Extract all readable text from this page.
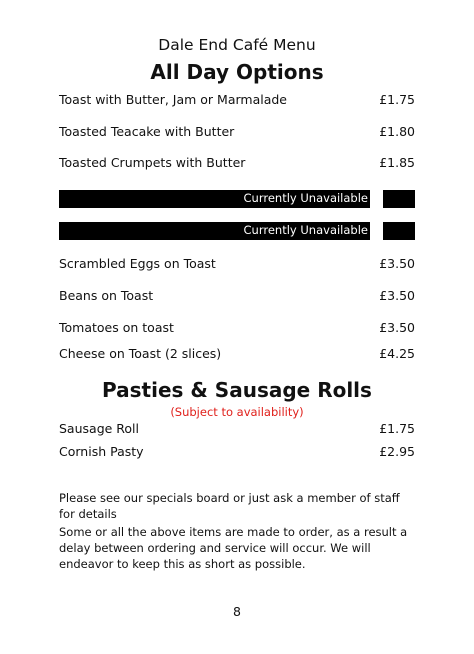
Dale End Café Menu
All Day Options
Toast with Butter, Jam or Marmalade	£1.75
Toasted Teacake with Butter	£1.80
Toasted Crumpets with Butter	£1.85
Currently Unavailable
Currently Unavailable
Scrambled Eggs on Toast	£3.50
Beans on Toast	£3.50
Tomatoes on toast	£3.50
Cheese on Toast (2 slices)	£4.25
Pasties & Sausage Rolls
(Subject to availability)
Sausage Roll	£1.75
Cornish Pasty	£2.95
Please see our specials board or just ask a member of staff for details
Some or all the above items are made to order, as a result a delay between ordering and service will occur. We will endeavor to keep this as short as possible.
8
